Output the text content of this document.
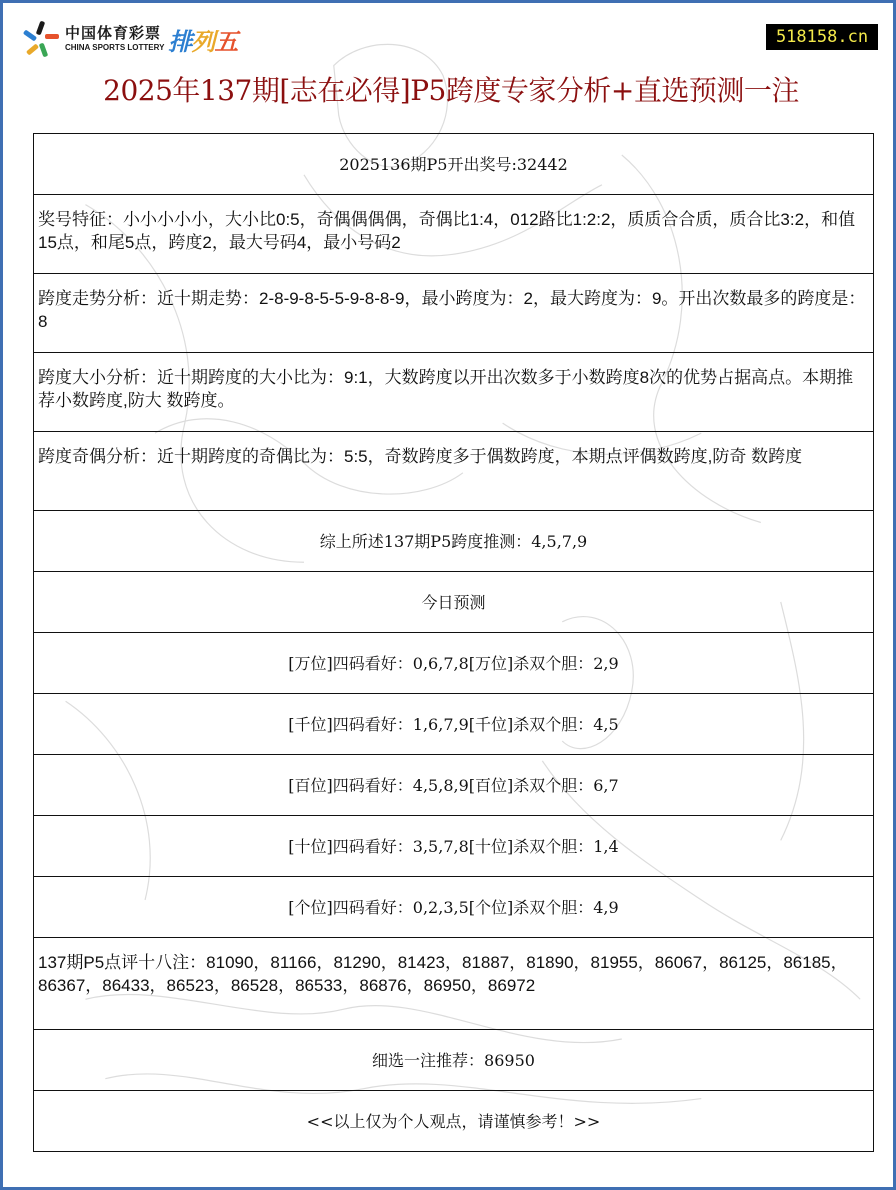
中国体育彩票
CHINA SPORTS LOTTERY 排列五	518158.cn
2025年137期[志在必得]P5跨度专家分析+直选预测一注
2025136期P5开出奖号:32442
奖号特征：小小小小小，大小比0:5，奇偶偶偶偶，奇偶比1:4，012路比1:2:2，质质合合质，质合比3:2，和值15点，和尾5点，跨度2，最大号码4，最小号码2
跨度走势分析：近十期走势：2-8-9-8-5-5-9-8-8-9，最小跨度为：2，最大跨度为：9。开出次数最多的跨度是：8
跨度大小分析：近十期跨度的大小比为：9:1，大数跨度以开出次数多于小数跨度8次的优势占据高点。本期推荐小数跨度,防大 数跨度。
跨度奇偶分析：近十期跨度的奇偶比为：5:5，奇数跨度多于偶数跨度，本期点评偶数跨度,防奇 数跨度
综上所述137期P5跨度推测：4,5,7,9
今日预测
[万位]四码看好：0,6,7,8[万位]杀双个胆：2,9
[千位]四码看好：1,6,7,9[千位]杀双个胆：4,5
[百位]四码看好：4,5,8,9[百位]杀双个胆：6,7
[十位]四码看好：3,5,7,8[十位]杀双个胆：1,4
[个位]四码看好：0,2,3,5[个位]杀双个胆：4,9
137期P5点评十八注：81090，81166，81290，81423，81887，81890，81955，86067，86125，86185，86367，86433，86523，86528，86533，86876，86950，86972
细选一注推荐：86950
<<以上仅为个人观点，请谨慎参考！>>
